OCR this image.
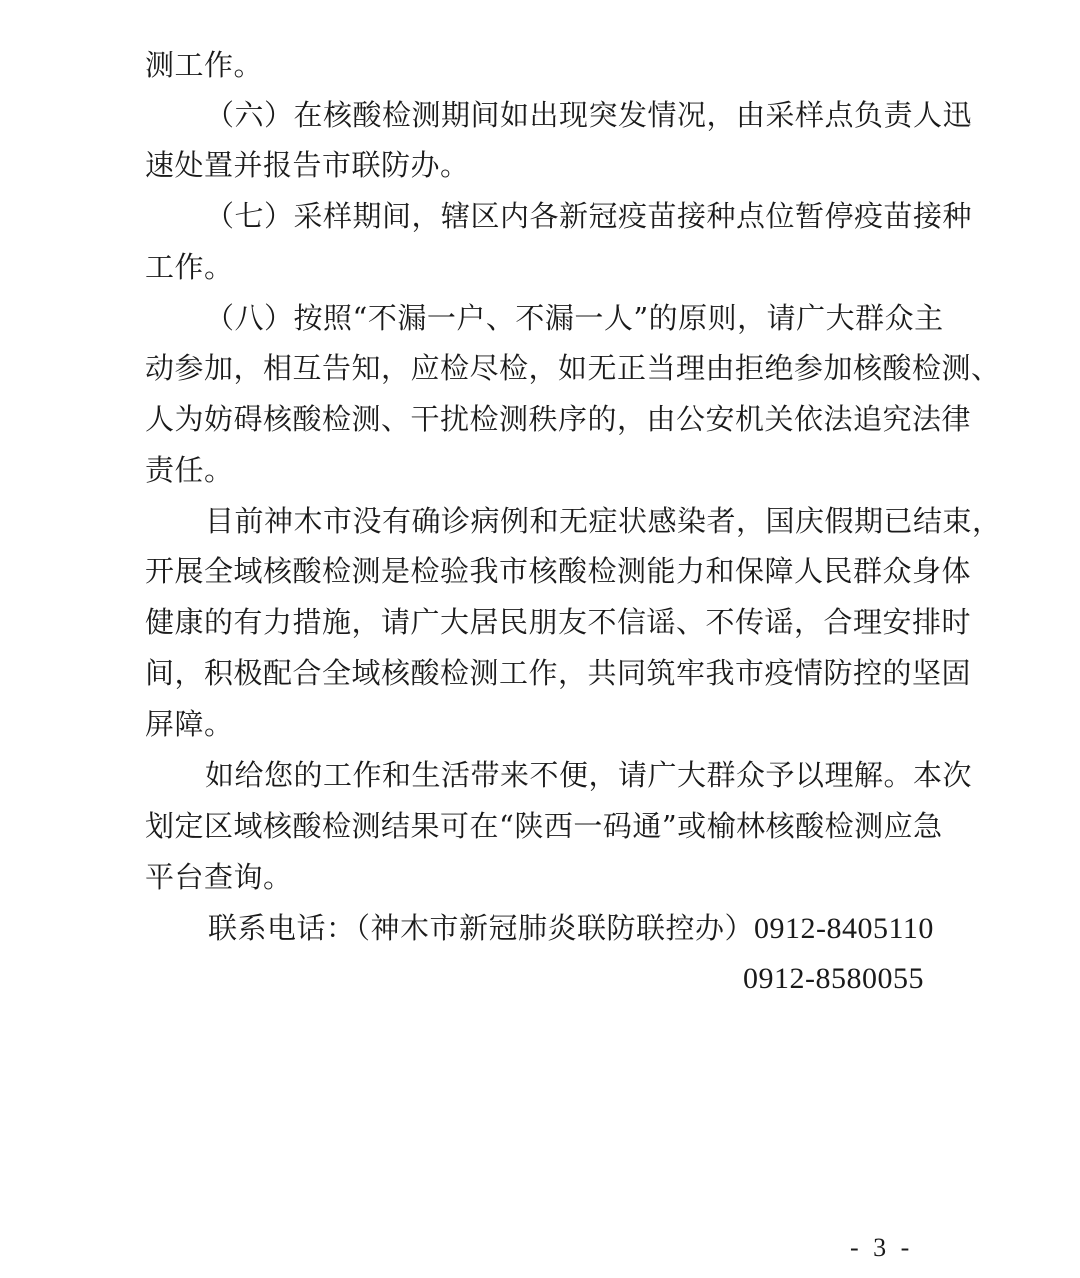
测工作。
（六）在核酸检测期间如出现突发情况，由采样点负责人迅
速处置并报告市联防办。
（七）采样期间，辖区内各新冠疫苗接种点位暂停疫苗接种
工作。
（八）按照“不漏一户、不漏一人”的原则，请广大群众主
动参加，相互告知，应检尽检，如无正当理由拒绝参加核酸检测、
人为妨碍核酸检测、干扰检测秩序的，由公安机关依法追究法律
责任。
目前神木市没有确诊病例和无症状感染者，国庆假期已结束，
开展全域核酸检测是检验我市核酸检测能力和保障人民群众身体
健康的有力措施，请广大居民朋友不信谣、不传谣，合理安排时
间，积极配合全域核酸检测工作，共同筑牢我市疫情防控的坚固
屏障。
如给您的工作和生活带来不便，请广大群众予以理解。本次
划定区域核酸检测结果可在“陕西一码通”或榆林核酸检测应急
平台查询。
联系电话：（神木市新冠肺炎联防联控办）0912-8405110
0912-8580055
- 3 -
